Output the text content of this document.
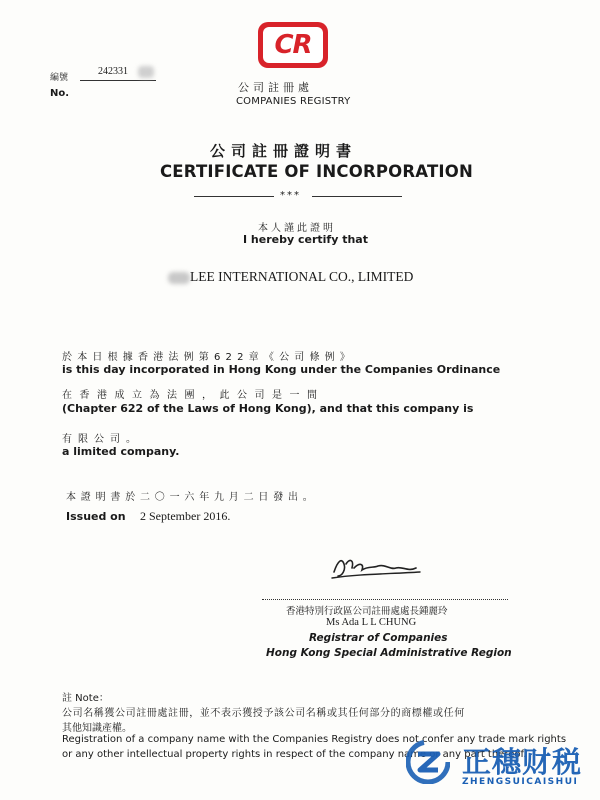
CR
公司註冊處
COMPANIES REGISTRY
編號
No.
242331
公司註冊證明書
CERTIFICATE OF INCORPORATION
***
本人謹此證明
I hereby certify that
LEE INTERNATIONAL CO., LIMITED
於本日根據香港法例第622章《公司條例》
is this day incorporated in Hong Kong under the Companies Ordinance
在香港成立為法團，此公司是一間
(Chapter 622 of the Laws of Hong Kong), and that this company is
有限公司。
a limited company.
本證明書於二〇一六年九月二日發出。
Issued on 2 September 2016.
香港特別行政區公司註冊處處長鍾麗玲
Ms Ada L L CHUNG
Registrar of Companies
Hong Kong Special Administrative Region
註 Note：
公司名稱獲公司註冊處註冊，並不表示獲授予該公司名稱或其任何部分的商標權或任何
其他知識產權。
Registration of a company name with the Companies Registry does not confer any trade mark rights
or any other intellectual property rights in respect of the company name or any part thereof.
正穗财税
ZHENGSUICAISHUI
